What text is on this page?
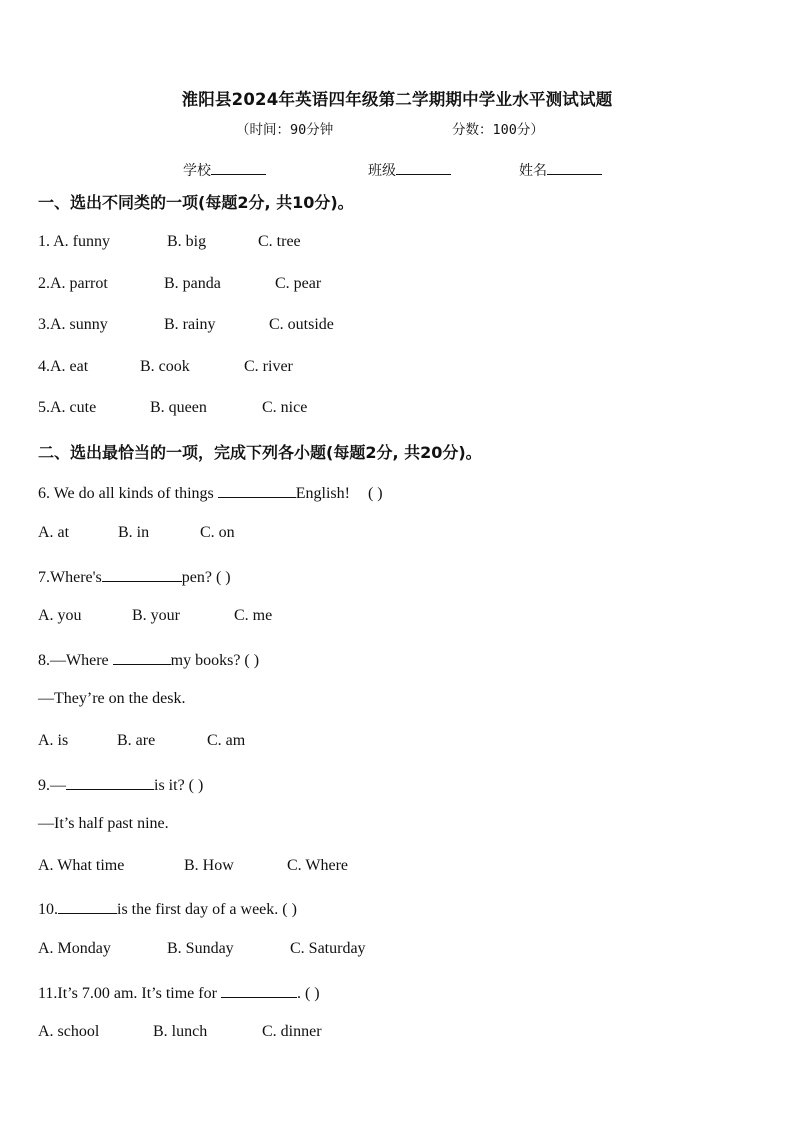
淮阳县2024年英语四年级第二学期期中学业水平测试试题
（时间：90分钟	分数：100分）
学校	班级	姓名
一、选出不同类的一项(每题2分, 共10分)。
1. A. funny	B. big	C. tree
2.A. parrot	B. panda	C. pear
3.A. sunny	B. rainy	C. outside
4.A. eat	B. cook	C. river
5.A. cute	B. queen	C. nice
二、选出最恰当的一项，完成下列各小题(每题2分, 共20分)。
6. We do all kinds of things	English! ( )
A. at	B. in	C. on
7.Where's	pen? ( )
A. you	B. your	C. me
8.—Where	my books? ( )
—They’re on the desk.
A. is	B. are	C. am
9.—	is it? ( )
—It’s half past nine.
A. What time	B. How	C. Where
10.	is the first day of a week. ( )
A. Monday	B. Sunday	C. Saturday
11.It’s 7.00 am. It’s time for	. ( )
A. school	B. lunch	C. dinner
